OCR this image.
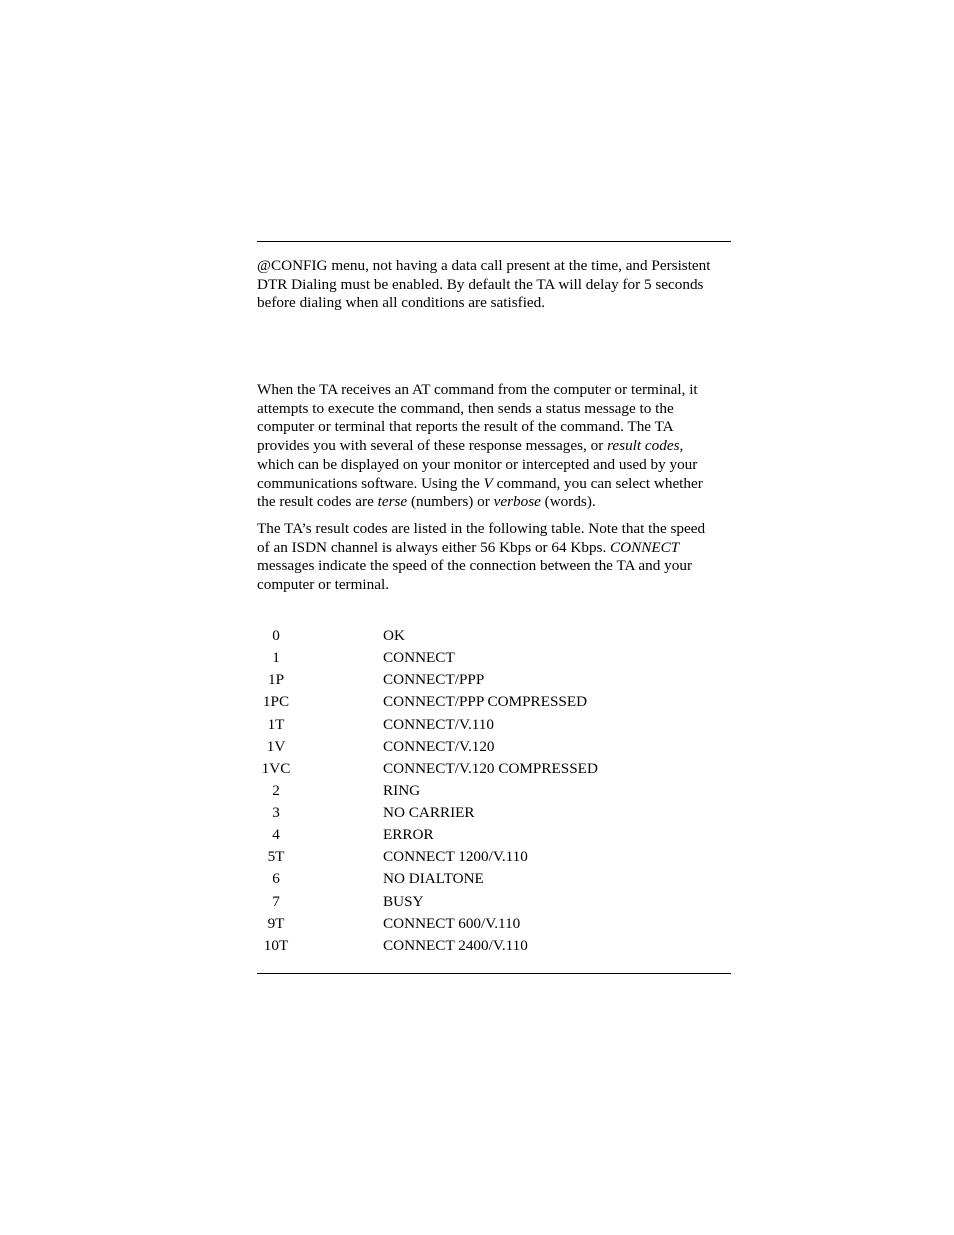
@CONFIG menu, not having a data call present at the time, and Persistent
DTR Dialing must be enabled. By default the TA will delay for 5 seconds
before dialing when all conditions are satisfied.

When the TA receives an AT command from the computer or terminal, it
attempts to execute the command, then sends a status message to the
computer or terminal that reports the result of the command. The TA
provides you with several of these response messages, or result codes,
which can be displayed on your monitor or intercepted and used by your
communications software. Using the V command, you can select whether
the result codes are terse (numbers) or verbose (words).

The TA’s result codes are listed in the following table. Note that the speed
of an ISDN channel is always either 56 Kbps or 64 Kbps. CONNECT
messages indicate the speed of the connection between the TA and your
computer or terminal.

0	OK
1	CONNECT
1P	CONNECT/PPP
1PC	CONNECT/PPP COMPRESSED
1T	CONNECT/V.110
1V	CONNECT/V.120
1VC	CONNECT/V.120 COMPRESSED
2	RING
3	NO CARRIER
4	ERROR
5T	CONNECT 1200/V.110
6	NO DIALTONE
7	BUSY
9T	CONNECT 600/V.110
10T	CONNECT 2400/V.110
